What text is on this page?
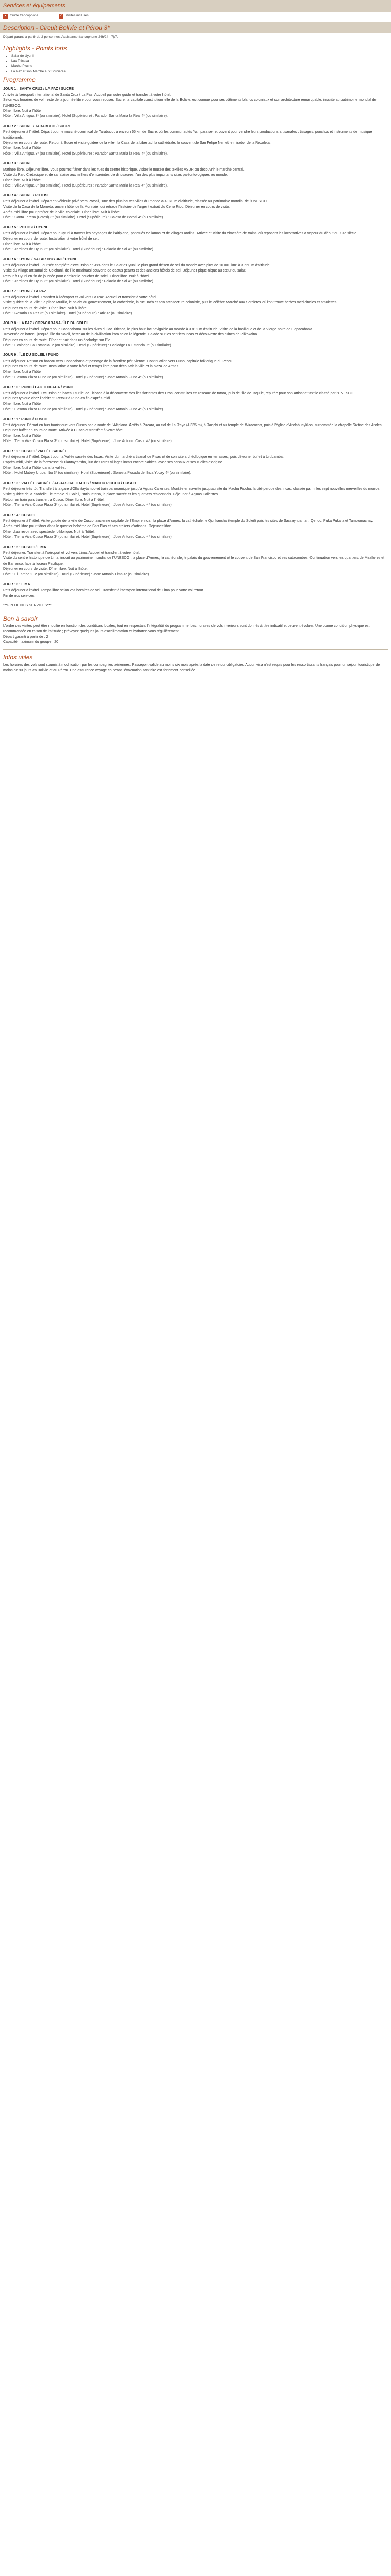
Services et équipements
●	Guide francophone	✓ Visites incluses
Description - Circuit Bolivie et Pérou 3*
Départ garanti à partir de 2 personnes. Assistance francophone 24h/24 - 7j/7.
Highlights - Points forts
• Salar de Uyuni
• Lac Titicaca
• Machu Picchu
• La Paz et son Marché aux Sorcières
Programme
JOUR 1 : SANTA CRUZ / LA PAZ / SUCRE

Arrivée à l'aéroport international de Santa Cruz / La Paz. Accueil par votre guide et transfert à votre hôtel.

Selon vos horaires de vol, reste de la journée libre pour vous reposer. Sucre, la capitale constitutionnelle de la Bolivie, est connue pour ses bâtiments blancs coloniaux et son architecture remarquable, inscrite au patrimoine mondial de l'UNESCO.

Dîner libre. Nuit à l'hôtel.

Hôtel : Villa Antigua 3* (ou similaire). Hotel (Supérieure) : Parador Santa Maria la Real 4* (ou similaire).

JOUR 2 : SUCRE / TARABUCO / SUCRE

Petit déjeuner à l'hôtel. Départ pour le marché dominical de Tarabuco, à environ 65 km de Sucre, où les communautés Yampara se retrouvent pour vendre leurs productions artisanales : tissages, ponchos et instruments de musique traditionnels.

Déjeuner en cours de route. Retour à Sucre et visite guidée de la ville : la Casa de la Libertad, la cathédrale, le couvent de San Felipe Neri et le mirador de la Recoleta.

Dîner libre. Nuit à l'hôtel.

Hôtel : Villa Antigua 3* (ou similaire). Hotel (Supérieure) : Parador Santa Maria la Real 4* (ou similaire).

JOUR 3 : SUCRE

Matinée libre. Déjeuner libre. Vous pourrez flâner dans les rues du centre historique, visiter le musée des textiles ASUR ou découvrir le marché central.

Visite du Parc Crétacique et de sa falaise aux milliers d'empreintes de dinosaures, l'un des plus importants sites paléontologiques au monde.

Dîner libre. Nuit à l'hôtel.

Hôtel : Villa Antigua 3* (ou similaire). Hotel (Supérieure) : Parador Santa Maria la Real 4* (ou similaire).

JOUR 4 : SUCRE / POTOSI

Petit déjeuner à l'hôtel. Départ en véhicule privé vers Potosi, l'une des plus hautes villes du monde à 4 070 m d'altitude, classée au patrimoine mondial de l'UNESCO.

Visite de la Casa de la Moneda, ancien hôtel de la Monnaie, qui retrace l'histoire de l'argent extrait du Cerro Rico. Déjeuner en cours de visite.

Après-midi libre pour profiter de la ville coloniale. Dîner libre. Nuit à l'hôtel.

Hôtel : Santa Teresa (Potosi) 3* (ou similaire). Hotel (Supérieure) : Coloso de Potosi 4* (ou similaire).

JOUR 5 : POTOSI / UYUNI

Petit déjeuner à l'hôtel. Départ pour Uyuni à travers les paysages de l'Altiplano, ponctués de lamas et de villages andins. Arrivée et visite du cimetière de trains, où reposent les locomotives à vapeur du début du XXe siècle.

Déjeuner en cours de route. Installation à votre hôtel de sel.

Dîner libre. Nuit à l'hôtel.

Hôtel : Jardines de Uyuni 3* (ou similaire). Hotel (Supérieure) : Palacio de Sal 4* (ou similaire).

JOUR 6 : UYUNI / SALAR D'UYUNI / UYUNI

Petit déjeuner à l'hôtel. Journée complète d'excursion en 4x4 dans le Salar d'Uyuni, le plus grand désert de sel du monde avec plus de 10 000 km² à 3 650 m d'altitude.

Visite du village artisanal de Colchani, de l'île Incahuasi couverte de cactus géants et des anciens hôtels de sel. Déjeuner pique-nique au cœur du salar.

Retour à Uyuni en fin de journée pour admirer le coucher de soleil. Dîner libre. Nuit à l'hôtel.

Hôtel : Jardines de Uyuni 3* (ou similaire). Hotel (Supérieure) : Palacio de Sal 4* (ou similaire).

JOUR 7 : UYUNI / LA PAZ

Petit déjeuner à l'hôtel. Transfert à l'aéroport et vol vers La Paz. Accueil et transfert à votre hôtel.

Visite guidée de la ville : la place Murillo, le palais du gouvernement, la cathédrale, la rue Jaén et son architecture coloniale, puis le célèbre Marché aux Sorcières où l'on trouve herbes médicinales et amulettes.

Déjeuner en cours de visite. Dîner libre. Nuit à l'hôtel.

Hôtel : Rosario La Paz 3* (ou similaire). Hotel (Supérieure) : Atix 4* (ou similaire).

JOUR 8 : LA PAZ / COPACABANA / ÎLE DU SOLEIL

Petit déjeuner à l'hôtel. Départ pour Copacabana sur les rives du lac Titicaca, le plus haut lac navigable au monde à 3 812 m d'altitude. Visite de la basilique et de la Vierge noire de Copacabana.

Traversée en bateau jusqu'à l'Île du Soleil, berceau de la civilisation inca selon la légende. Balade sur les sentiers incas et découverte des ruines de Pilkokaina.

Déjeuner en cours de route. Dîner et nuit dans un écolodge sur l'île.

Hôtel : Ecolodge La Estancia 3* (ou similaire). Hotel (Supérieure) : Ecolodge La Estancia 3* (ou similaire).

JOUR 9 : ÎLE DU SOLEIL / PUNO

Petit déjeuner. Retour en bateau vers Copacabana et passage de la frontière péruvienne. Continuation vers Puno, capitale folklorique du Pérou.

Déjeuner en cours de route. Installation à votre hôtel et temps libre pour découvrir la ville et la plaza de Armas.

Dîner libre. Nuit à l'hôtel.

Hôtel : Casona Plaza Puno 3* (ou similaire). Hotel (Supérieure) : Jose Antonio Puno 4* (ou similaire).

JOUR 10 : PUNO / LAC TITICACA / PUNO

Petit déjeuner à l'hôtel. Excursion en bateau sur le lac Titicaca à la découverte des îles flottantes des Uros, construites en roseaux de totora, puis de l'île de Taquile, réputée pour son artisanat textile classé par l'UNESCO.

Déjeuner typique chez l'habitant. Retour à Puno en fin d'après-midi.

Dîner libre. Nuit à l'hôtel.

Hôtel : Casona Plaza Puno 3* (ou similaire). Hotel (Supérieure) : Jose Antonio Puno 4* (ou similaire).

JOUR 11 : PUNO / CUSCO

Petit déjeuner. Départ en bus touristique vers Cusco par la route de l'Altiplano. Arrêts à Pucara, au col de La Raya (4 335 m), à Raqchi et au temple de Wiracocha, puis à l'église d'Andahuaylillas, surnommée la chapelle Sixtine des Andes.

Déjeuner buffet en cours de route. Arrivée à Cusco et transfert à votre hôtel.

Dîner libre. Nuit à l'hôtel.

Hôtel : Tierra Viva Cusco Plaza 3* (ou similaire). Hotel (Supérieure) : Jose Antonio Cusco 4* (ou similaire).

JOUR 12 : CUSCO / VALLÉE SACRÉE

Petit déjeuner à l'hôtel. Départ pour la Vallée sacrée des Incas. Visite du marché artisanal de Pisac et de son site archéologique en terrasses, puis déjeuner buffet à Urubamba.

L'après-midi, visite de la forteresse d'Ollantaytambo, l'un des rares villages incas encore habités, avec ses canaux et ses ruelles d'origine.

Dîner libre. Nuit à l'hôtel dans la vallée.

Hôtel : Hotel Mabey Urubamba 3* (ou similaire). Hotel (Supérieure) : Sonesta Posada del Inca Yucay 4* (ou similaire).

JOUR 13 : VALLÉE SACRÉE / AGUAS CALIENTES / MACHU PICCHU / CUSCO

Petit déjeuner très tôt. Transfert à la gare d'Ollantaytambo et train panoramique jusqu'à Aguas Calientes. Montée en navette jusqu'au site du Machu Picchu, la cité perdue des Incas, classée parmi les sept nouvelles merveilles du monde.

Visite guidée de la citadelle : le temple du Soleil, l'Intihuatana, la place sacrée et les quartiers résidentiels. Déjeuner à Aguas Calientes.

Retour en train puis transfert à Cusco. Dîner libre. Nuit à l'hôtel.

Hôtel : Tierra Viva Cusco Plaza 3* (ou similaire). Hotel (Supérieure) : Jose Antonio Cusco 4* (ou similaire).

JOUR 14 : CUSCO

Petit déjeuner à l'hôtel. Visite guidée de la ville de Cusco, ancienne capitale de l'Empire inca : la place d'Armes, la cathédrale, le Qorikancha (temple du Soleil) puis les sites de Sacsayhuaman, Qenqo, Puka Pukara et Tambomachay.

Après-midi libre pour flâner dans le quartier bohème de San Blas et ses ateliers d'artisans. Déjeuner libre.

Dîner d'au revoir avec spectacle folklorique. Nuit à l'hôtel.

Hôtel : Tierra Viva Cusco Plaza 3* (ou similaire). Hotel (Supérieure) : Jose Antonio Cusco 4* (ou similaire).

JOUR 15 : CUSCO / LIMA

Petit déjeuner. Transfert à l'aéroport et vol vers Lima. Accueil et transfert à votre hôtel.

Visite du centre historique de Lima, inscrit au patrimoine mondial de l'UNESCO : la place d'Armes, la cathédrale, le palais du gouvernement et le couvent de San Francisco et ses catacombes. Continuation vers les quartiers de Miraflores et de Barranco, face à l'océan Pacifique.

Déjeuner en cours de visite. Dîner libre. Nuit à l'hôtel.

Hôtel : El Tambo 2 3* (ou similaire). Hotel (Supérieure) : Jose Antonio Lima 4* (ou similaire).

JOUR 16 : LIMA

Petit déjeuner à l'hôtel. Temps libre selon vos horaires de vol. Transfert à l'aéroport international de Lima pour votre vol retour.

Fin de nos services.

***FIN DE NOS SERVICES***
Bon à savoir

L'ordre des visites peut être modifié en fonction des conditions locales, tout en respectant l'intégralité du programme. Les horaires de vols intérieurs sont donnés à titre indicatif et peuvent évoluer. Une bonne condition physique est recommandée en raison de l'altitude ; prévoyez quelques jours d'acclimatation et hydratez-vous régulièrement.

Départ garanti à partir de : 2

Capacité maximum du groupe : 20

Infos utiles

Les horaires des vols sont soumis à modification par les compagnies aériennes. Passeport valide au moins six mois après la date de retour obligatoire. Aucun visa n'est requis pour les ressortissants français pour un séjour touristique de moins de 90 jours en Bolivie et au Pérou. Une assurance voyage couvrant l'évacuation sanitaire est fortement conseillée.
